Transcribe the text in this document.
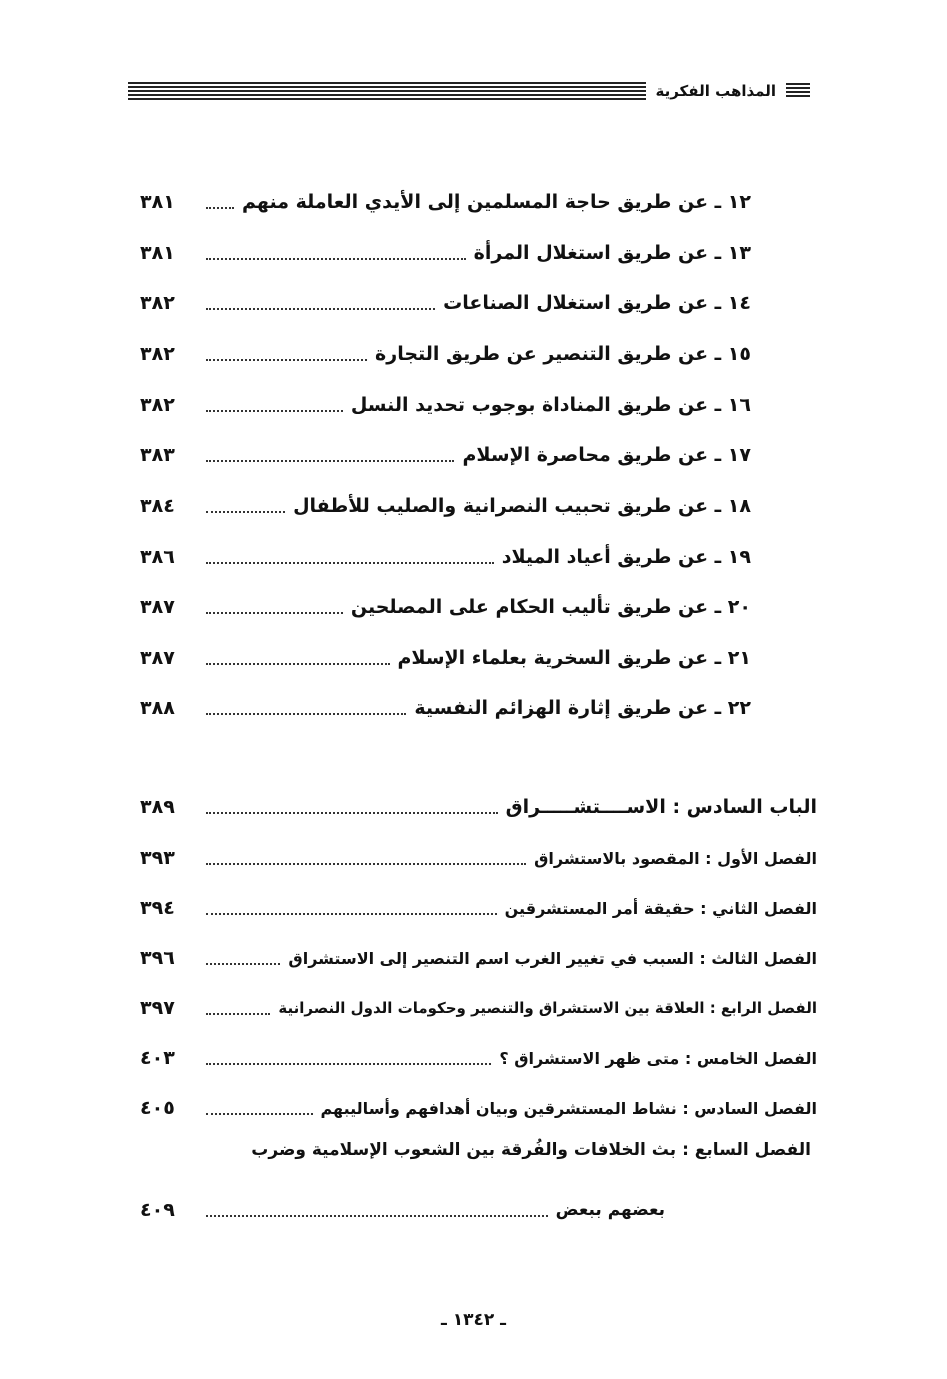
المذاهب الفكرية
١٢ ـ عن طريق حاجة المسلمين إلى الأيدي العاملة منهم
٣٨١
١٣ ـ عن طريق استغلال المرأة
٣٨١
١٤ ـ عن طريق استغلال الصناعات
٣٨٢
١٥ ـ عن طريق التنصير عن طريق التجارة
٣٨٢
١٦ ـ عن طريق المناداة بوجوب تحديد النسل
٣٨٢
١٧ ـ عن طريق محاصرة الإسلام
٣٨٣
١٨ ـ عن طريق تحبيب النصرانية والصليب للأطفال
٣٨٤
١٩ ـ عن طريق أعياد الميلاد
٣٨٦
٢٠ ـ عن طريق تأليب الحكام على المصلحين
٣٨٧
٢١ ـ عن طريق السخرية بعلماء الإسلام
٣٨٧
٢٢ ـ عن طريق إثارة الهزائم النفسية
٣٨٨
الباب السادس : الاســــتشـــــراق
٣٨٩
الفصل الأول : المقصود بالاستشراق
٣٩٣
الفصل الثاني : حقيقة أمر المستشرقين
٣٩٤
الفصل الثالث : السبب في تغيير الغرب اسم التنصير إلى الاستشراق
٣٩٦
الفصل الرابع : العلاقة بين الاستشراق والتنصير وحكومات الدول النصرانية
٣٩٧
الفصل الخامس : متى ظهر الاستشراق ؟
٤٠٣
الفصل السادس : نشاط المستشرقين وبيان أهدافهم وأساليبهم
٤٠٥
الفصل السابع : بث الخلافات والفُرقة بين الشعوب الإسلامية وضرب
بعضهم ببعض
٤٠٩
ـ ١٣٤٢ ـ
